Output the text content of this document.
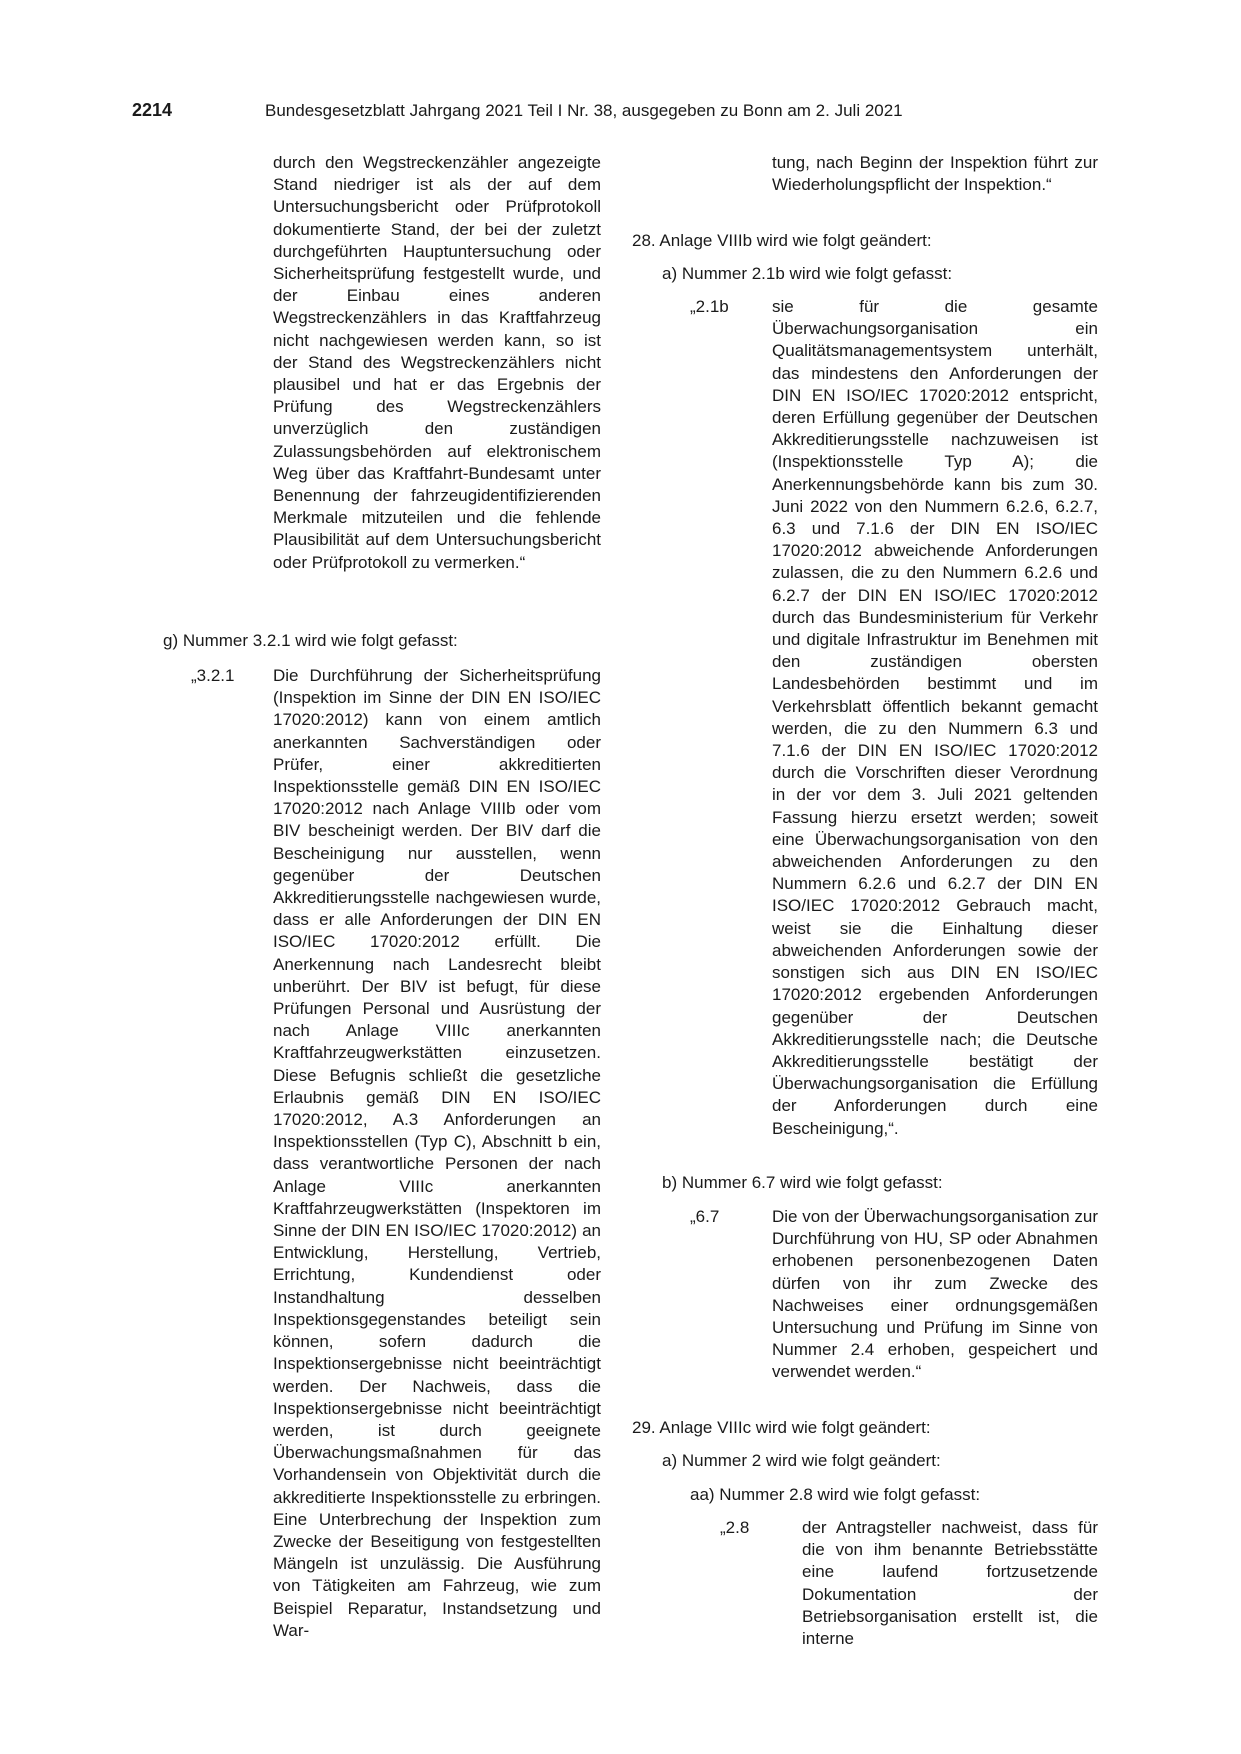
2214	Bundesgesetzblatt Jahrgang 2021 Teil I Nr. 38, ausgegeben zu Bonn am 2. Juli 2021
durch den Wegstreckenzähler angezeigte Stand niedriger ist als der auf dem Untersuchungsbericht oder Prüfprotokoll dokumentierte Stand, der bei der zuletzt durchgeführten Hauptuntersuchung oder Sicherheitsprüfung festgestellt wurde, und der Einbau eines anderen Wegstreckenzählers in das Kraftfahrzeug nicht nachgewiesen werden kann, so ist der Stand des Wegstreckenzählers nicht plausibel und hat er das Ergebnis der Prüfung des Wegstreckenzählers unverzüglich den zuständigen Zulassungsbehörden auf elektronischem Weg über das Kraftfahrt-Bundesamt unter Benennung der fahrzeugidentifizierenden Merkmale mitzuteilen und die fehlende Plausibilität auf dem Untersuchungsbericht oder Prüfprotokoll zu vermerken.“
g) Nummer 3.2.1 wird wie folgt gefasst:
„3.2.1 Die Durchführung der Sicherheitsprüfung (Inspektion im Sinne der DIN EN ISO/IEC 17020:2012) kann von einem amtlich anerkannten Sachverständigen oder Prüfer, einer akkreditierten Inspektionsstelle gemäß DIN EN ISO/IEC 17020:2012 nach Anlage VIIIb oder vom BIV bescheinigt werden. Der BIV darf die Bescheinigung nur ausstellen, wenn gegenüber der Deutschen Akkreditierungsstelle nachgewiesen wurde, dass er alle Anforderungen der DIN EN ISO/IEC 17020:2012 erfüllt. Die Anerkennung nach Landesrecht bleibt unberührt. Der BIV ist befugt, für diese Prüfungen Personal und Ausrüstung der nach Anlage VIIIc anerkannten Kraftfahrzeugwerkstätten einzusetzen. Diese Befugnis schließt die gesetzliche Erlaubnis gemäß DIN EN ISO/IEC 17020:2012, A.3 Anforderungen an Inspektionsstellen (Typ C), Abschnitt b ein, dass verantwortliche Personen der nach Anlage VIIIc anerkannten Kraftfahrzeugwerkstätten (Inspektoren im Sinne der DIN EN ISO/IEC 17020:2012) an Entwicklung, Herstellung, Vertrieb, Errichtung, Kundendienst oder Instandhaltung desselben Inspektionsgegenstandes beteiligt sein können, sofern dadurch die Inspektionsergebnisse nicht beeinträchtigt werden. Der Nachweis, dass die Inspektionsergebnisse nicht beeinträchtigt werden, ist durch geeignete Überwachungsmaßnahmen für das Vorhandensein von Objektivität durch die akkreditierte Inspektionsstelle zu erbringen. Eine Unterbrechung der Inspektion zum Zwecke der Beseitigung von festgestellten Mängeln ist unzulässig. Die Ausführung von Tätigkeiten am Fahrzeug, wie zum Beispiel Reparatur, Instandsetzung und War-
tung, nach Beginn der Inspektion führt zur Wiederholungspflicht der Inspektion.“
28. Anlage VIIIb wird wie folgt geändert:
a) Nummer 2.1b wird wie folgt gefasst:
„2.1b	sie für die gesamte Überwachungsorganisation ein Qualitätsmanagementsystem unterhält, das mindestens den Anforderungen der DIN EN ISO/IEC 17020:2012 entspricht, deren Erfüllung gegenüber der Deutschen Akkreditierungsstelle nachzuweisen ist (Inspektionsstelle Typ A); die Anerkennungsbehörde kann bis zum 30. Juni 2022 von den Nummern 6.2.6, 6.2.7, 6.3 und 7.1.6 der DIN EN ISO/IEC 17020:2012 abweichende Anforderungen zulassen, die zu den Nummern 6.2.6 und 6.2.7 der DIN EN ISO/IEC 17020:2012 durch das Bundesministerium für Verkehr und digitale Infrastruktur im Benehmen mit den zuständigen obersten Landesbehörden bestimmt und im Verkehrsblatt öffentlich bekannt gemacht werden, die zu den Nummern 6.3 und 7.1.6 der DIN EN ISO/IEC 17020:2012 durch die Vorschriften dieser Verordnung in der vor dem 3. Juli 2021 geltenden Fassung hierzu ersetzt werden; soweit eine Überwachungsorganisation von den abweichenden Anforderungen zu den Nummern 6.2.6 und 6.2.7 der DIN EN ISO/IEC 17020:2012 Gebrauch macht, weist sie die Einhaltung dieser abweichenden Anforderungen sowie der sonstigen sich aus DIN EN ISO/IEC 17020:2012 ergebenden Anforderungen gegenüber der Deutschen Akkreditierungsstelle nach; die Deutsche Akkreditierungsstelle bestätigt der Überwachungsorganisation die Erfüllung der Anforderungen durch eine Bescheinigung,“.
b) Nummer 6.7 wird wie folgt gefasst:
„6.7	Die von der Überwachungsorganisation zur Durchführung von HU, SP oder Abnahmen erhobenen personenbezogenen Daten dürfen von ihr zum Zwecke des Nachweises einer ordnungsgemäßen Untersuchung und Prüfung im Sinne von Nummer 2.4 erhoben, gespeichert und verwendet werden.“
29. Anlage VIIIc wird wie folgt geändert:
a) Nummer 2 wird wie folgt geändert:
aa) Nummer 2.8 wird wie folgt gefasst:
„2.8	der Antragsteller nachweist, dass für die von ihm benannte Betriebsstätte eine laufend fortzusetzende Dokumentation der Betriebsorganisation erstellt ist, die interne
